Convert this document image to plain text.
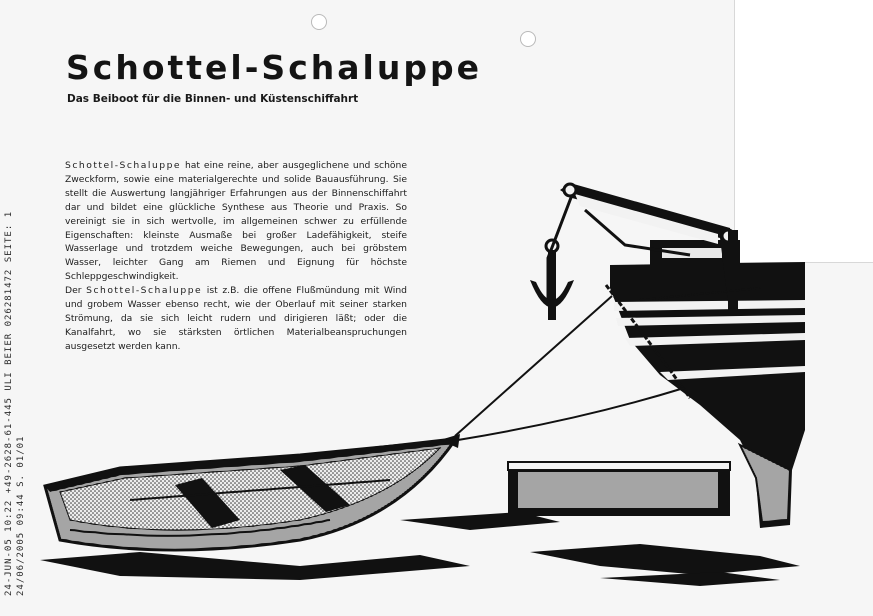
24-JUN-05 10:22 +49-2628-61-445 ULI BEIER 026281472 SEITE: 1 24/06/2005 09:44 S. 01/01
Schottel-Schaluppe
Das Beiboot für die Binnen- und Küstenschiffahrt

Schottel-Schaluppe hat eine reine, aber ausgeglichene und schöne Zweckform, sowie eine materialgerechte und solide Bauausführung. Sie stellt die Auswertung langjähriger Erfahrungen aus der Binnenschiffahrt dar und bildet eine glückliche Synthese aus Theorie und Praxis. So vereinigt sie in sich wertvolle, im allgemeinen schwer zu erfüllende Eigenschaften: kleinste Ausmaße bei großer Ladefähigkeit, steife Wasserlage und trotzdem weiche Bewegungen, auch bei gröbstem Wasser, leichter Gang am Riemen und Eignung für höchste Schleppgeschwindigkeit.

Der Schottel-Schaluppe ist z.B. die offene Flußmündung mit Wind und grobem Wasser ebenso recht, wie der Oberlauf mit seiner starken Strömung, da sie sich leicht rudern und dirigieren läßt; oder die Kanalfahrt, wo sie stärksten örtlichen Materialbeanspruchungen ausgesetzt werden kann.
